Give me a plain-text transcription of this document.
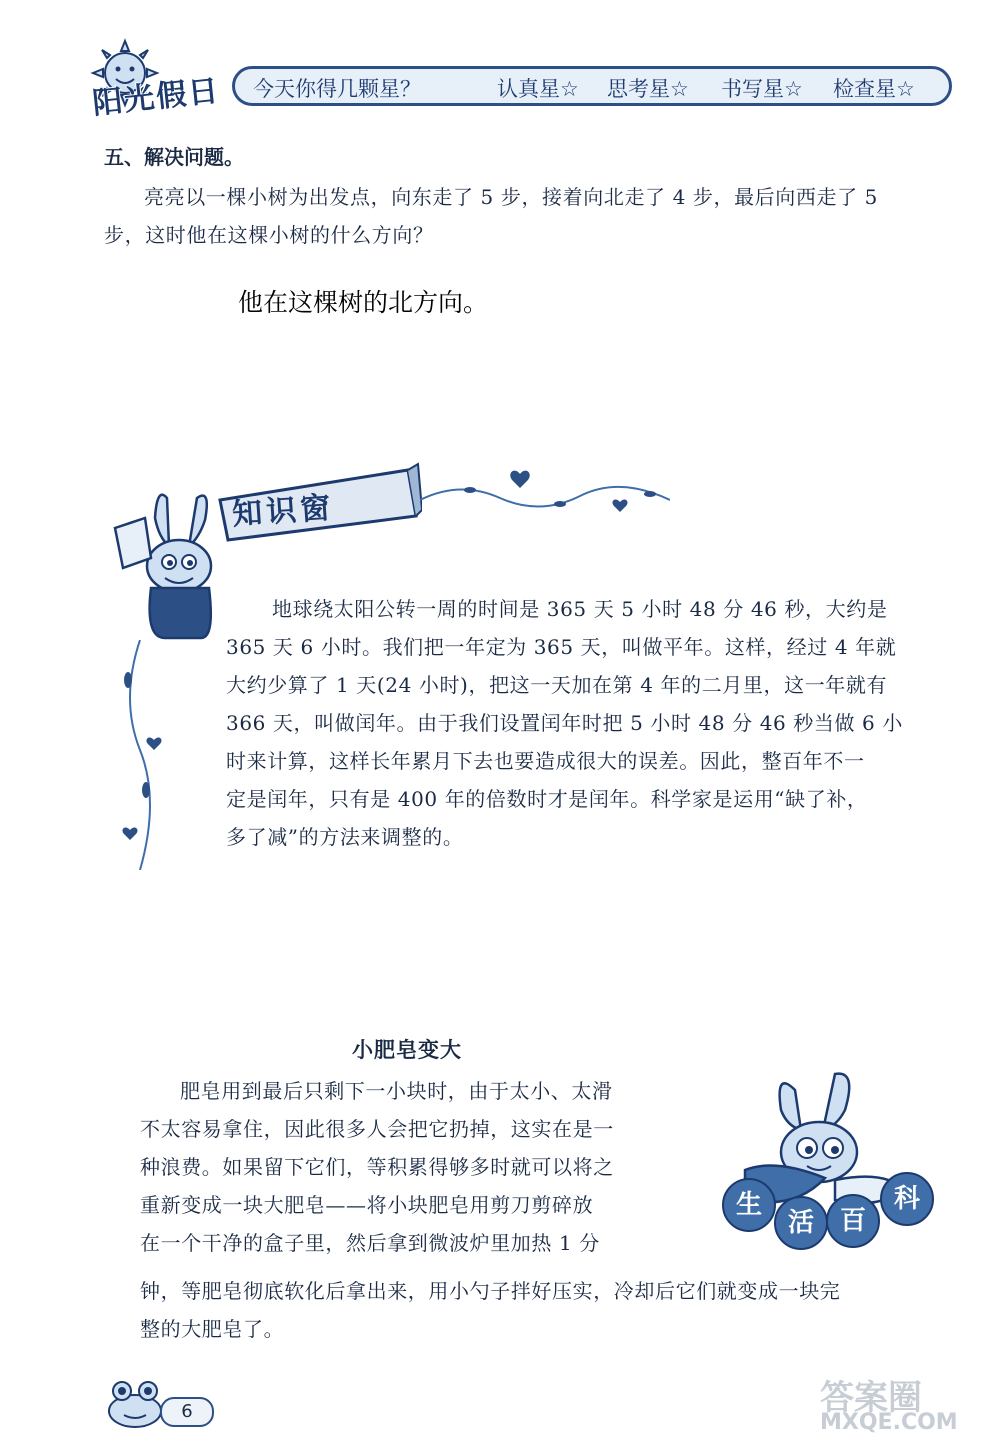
阳光假日 今天你得几颗星？	认真星☆ 思考星☆ 书写星☆ 检查星☆
五、解决问题。
亮亮以一棵小树为出发点，向东走了 5 步，接着向北走了 4 步，最后向西走了 5
步，这时他在这棵小树的什么方向？
他在这棵树的北方向。
知识窗
地球绕太阳公转一周的时间是 365 天 5 小时 48 分 46 秒，大约是
365 天 6 小时。我们把一年定为 365 天，叫做平年。这样，经过 4 年就
大约少算了 1 天(24 小时)，把这一天加在第 4 年的二月里，这一年就有
366 天，叫做闰年。由于我们设置闰年时把 5 小时 48 分 46 秒当做 6 小
时来计算，这样长年累月下去也要造成很大的误差。因此，整百年不一
定是闰年，只有是 400 年的倍数时才是闰年。科学家是运用“缺了补，
多了减”的方法来调整的。
小肥皂变大
肥皂用到最后只剩下一小块时，由于太小、太滑
不太容易拿住，因此很多人会把它扔掉，这实在是一
种浪费。如果留下它们，等积累得够多时就可以将之
重新变成一块大肥皂——将小块肥皂用剪刀剪碎放
在一个干净的盒子里，然后拿到微波炉里加热 1 分
钟，等肥皂彻底软化后拿出来，用小勺子拌好压实，冷却后它们就变成一块完
整的大肥皂了。
生
活 百
科
6	答案圈
MXQE.COM
